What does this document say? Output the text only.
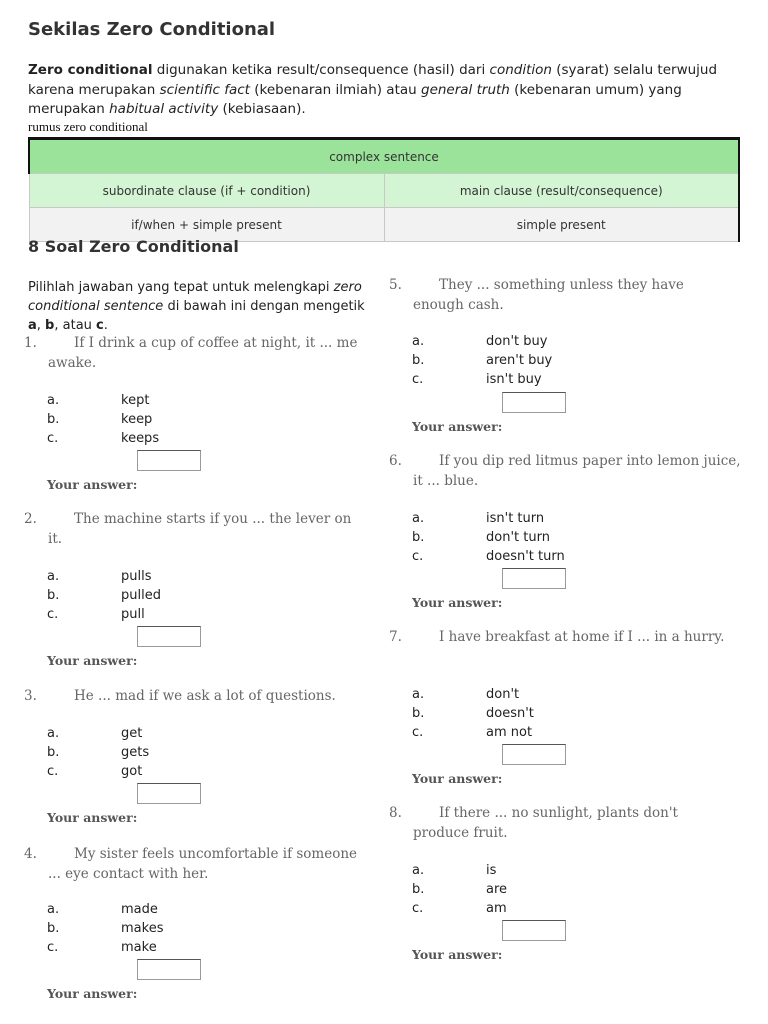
Sekilas Zero Conditional
Zero conditional digunakan ketika result/consequence (hasil) dari condition (syarat) selalu terwujud karena merupakan scientific fact (kebenaran ilmiah) atau general truth (kebenaran umum) yang merupakan habitual activity (kebiasaan).
rumus zero conditional
complex sentence	
subordinate clause (if + condition)	main clause (result/consequence)
if/when + simple present	simple present
8 Soal Zero Conditional
Pilihlah jawaban yang tepat untuk melengkapi zero conditional sentence di bawah ini dengan mengetik a, b, atau c.
1.	If I drink a cup of coffee at night, it ... me awake.
a.	kept
b.	keep
c.	keeps
Your answer:
2.	The machine starts if you ... the lever on it.
a.	pulls
b.	pulled
c.	pull
Your answer:
3.	He ... mad if we ask a lot of questions.
a.	get
b.	gets
c.	got
Your answer:
4.	My sister feels uncomfortable if someone ... eye contact with her.
a.	made
b.	makes
c.	make
Your answer:
5.	They ... something unless they have enough cash.
a.	don't buy
b.	aren't buy
c.	isn't buy
Your answer:
6.	If you dip red litmus paper into lemon juice, it ... blue.
a.	isn't turn
b.	don't turn
c.	doesn't turn
Your answer:
7.	I have breakfast at home if I ... in a hurry.
a.	don't
b.	doesn't
c.	am not
Your answer:
8.	If there ... no sunlight, plants don't produce fruit.
a.	is
b.	are
c.	am
Your answer:
